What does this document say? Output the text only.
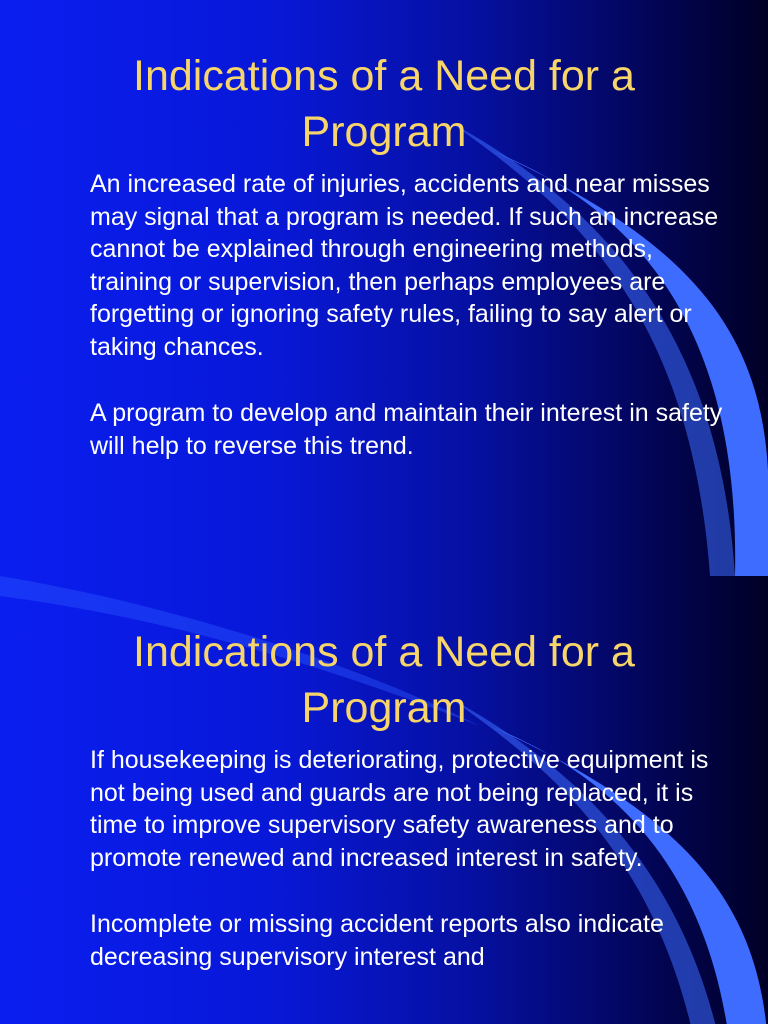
Indications of a Need for a Program

An increased rate of injuries, accidents and near misses may signal that a program is needed. If such an increase cannot be explained through engineering methods, training or supervision, then perhaps employees are forgetting or ignoring safety rules, failing to say alert or taking chances.

A program to develop and maintain their interest in safety will help to reverse this trend.

Indications of a Need for a Program

If housekeeping is deteriorating, protective equipment is not being used and guards are not being replaced, it is time to improve supervisory safety awareness and to promote renewed and increased interest in safety.

Incomplete or missing accident reports also indicate decreasing supervisory interest and
